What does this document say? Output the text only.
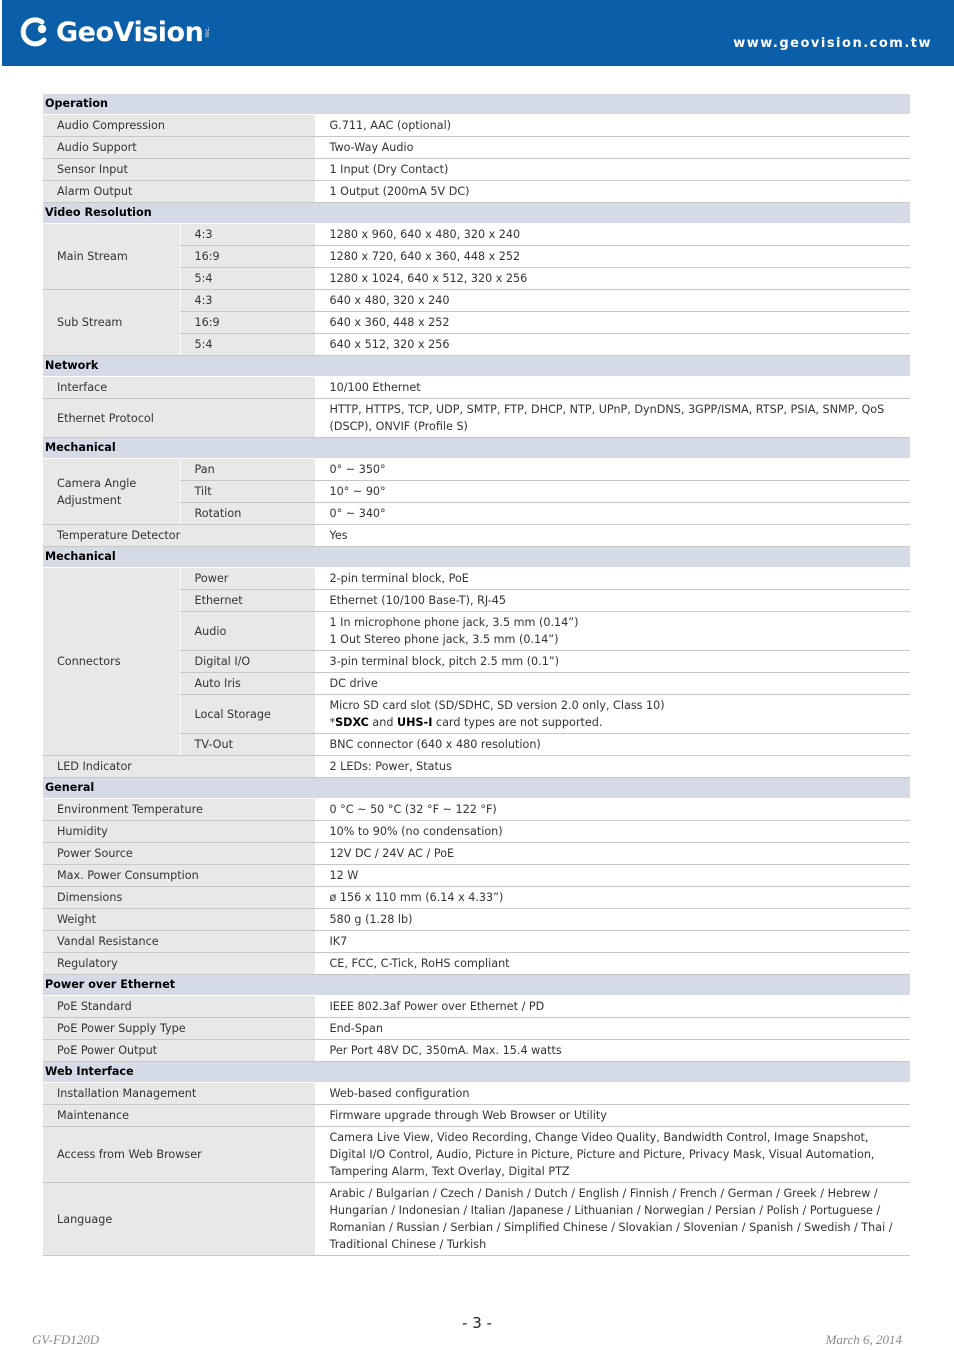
GeoVision Inc.
www.geovision.com.tw
Operation		
Audio Compression		G.711, AAC (optional)
Audio Support		Two-Way Audio
Sensor Input		1 Input (Dry Contact)
Alarm Output		1 Output (200mA 5V DC)
Video Resolution		
Main Stream	4:3	1280 x 960, 640 x 480, 320 x 240

	16:9	1280 x 720, 640 x 360, 448 x 252

	5:4	1280 x 1024, 640 x 512, 320 x 256

Sub Stream	4:3	640 x 480, 320 x 240

	16:9	640 x 360, 448 x 252

	5:4	640 x 512, 320 x 256

Network		
Interface		10/100 Ethernet
Ethernet Protocol		HTTP, HTTPS, TCP, UDP, SMTP, FTP, DHCP, NTP, UPnP, DynDNS, 3GPP/ISMA, RTSP, PSIA, SNMP, QoS (DSCP), ONVIF (Profile S)
Mechanical		
Camera Angle Adjustment	Pan	0° ~ 350°

	Tilt	10° ~ 90°

	Rotation	0° ~ 340°

Temperature Detector		Yes
Mechanical		
Connectors	Power	2-pin terminal block, PoE

	Ethernet	Ethernet (10/100 Base-T), RJ-45

	Audio	1 In microphone phone jack, 3.5 mm (0.14”)
1 Out Stereo phone jack, 3.5 mm (0.14”)

	Digital I/O	3-pin terminal block, pitch 2.5 mm (0.1”)

	Auto Iris	DC drive

	Local Storage	Micro SD card slot (SD/SDHC, SD version 2.0 only, Class 10)
*SDXC and UHS-I card types are not supported.

	TV-Out	BNC connector (640 x 480 resolution)

LED Indicator		2 LEDs: Power, Status
General		
Environment Temperature		0 °C ~ 50 °C (32 °F ~ 122 °F)
Humidity		10% to 90% (no condensation)
Power Source		12V DC / 24V AC / PoE
Max. Power Consumption		12 W
Dimensions		ø 156 x 110 mm (6.14 x 4.33”)
Weight		580 g (1.28 lb)
Vandal Resistance		IK7
Regulatory		CE, FCC, C-Tick, RoHS compliant
Power over Ethernet		
PoE Standard		IEEE 802.3af Power over Ethernet / PD
PoE Power Supply Type		End-Span
PoE Power Output		Per Port 48V DC, 350mA. Max. 15.4 watts
Web Interface		
Installation Management		Web-based configuration
Maintenance		Firmware upgrade through Web Browser or Utility
Access from Web Browser		Camera Live View, Video Recording, Change Video Quality, Bandwidth Control, Image Snapshot, Digital I/O Control, Audio, Picture in Picture, Picture and Picture, Privacy Mask, Visual Automation, Tampering Alarm, Text Overlay, Digital PTZ
Language		Arabic / Bulgarian / Czech / Danish / Dutch / English / Finnish / French / German / Greek / Hebrew / Hungarian / Indonesian / Italian /Japanese / Lithuanian / Norwegian / Persian / Polish / Portuguese / Romanian / Russian / Serbian / Simplified Chinese / Slovakian / Slovenian / Spanish / Swedish / Thai / Traditional Chinese / Turkish
- 3 -
GV-FD120D	March 6, 2014
